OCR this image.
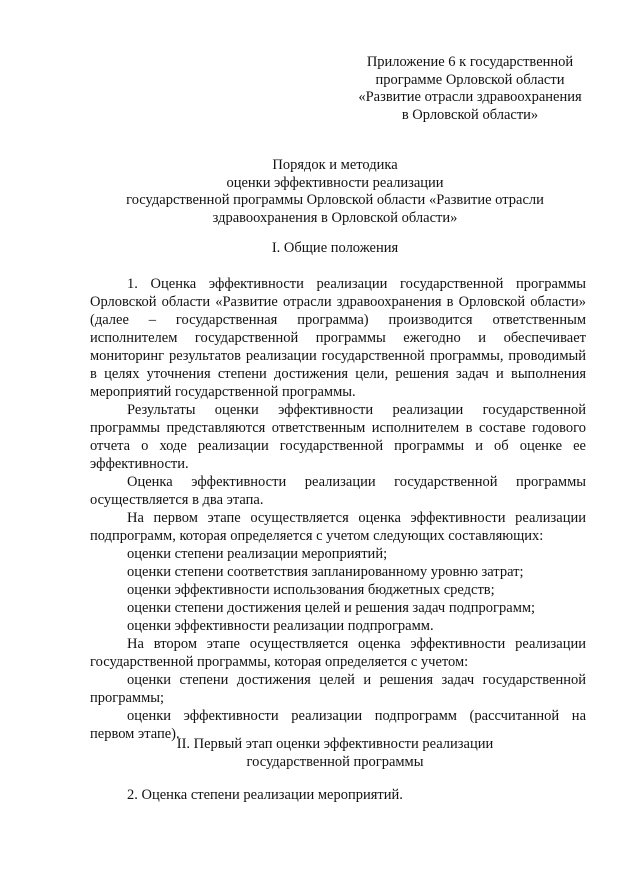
Приложение 6 к государственной
программе Орловской области
«Развитие отрасли здравоохранения
в Орловской области»
Порядок и методика
оценки эффективности реализации
государственной программы Орловской области «Развитие отрасли
здравоохранения в Орловской области»
I. Общие положения

1. Оценка эффективности реализации государственной программы Орловской области «Развитие отрасли здравоохранения в Орловской области» (далее – государственная программа) производится ответственным исполнителем государственной программы ежегодно и обеспечивает мониторинг результатов реализации государственной программы, проводимый в целях уточнения степени достижения цели, решения задач и выполнения мероприятий государственной программы.

Результаты оценки эффективности реализации государственной программы представляются ответственным исполнителем в составе годового отчета о ходе реализации государственной программы и об оценке ее эффективности.

Оценка эффективности реализации государственной программы осуществляется в два этапа.

На первом этапе осуществляется оценка эффективности реализации подпрограмм, которая определяется с учетом следующих составляющих:

оценки степени реализации мероприятий;

оценки степени соответствия запланированному уровню затрат;

оценки эффективности использования бюджетных средств;

оценки степени достижения целей и решения задач подпрограмм;

оценки эффективности реализации подпрограмм.

На втором этапе осуществляется оценка эффективности реализации государственной программы, которая определяется с учетом:

оценки степени достижения целей и решения задач государственной программы;

оценки эффективности реализации подпрограмм (рассчитанной на первом этапе).

II. Первый этап оценки эффективности реализации
государственной программы
2. Оценка степени реализации мероприятий.
